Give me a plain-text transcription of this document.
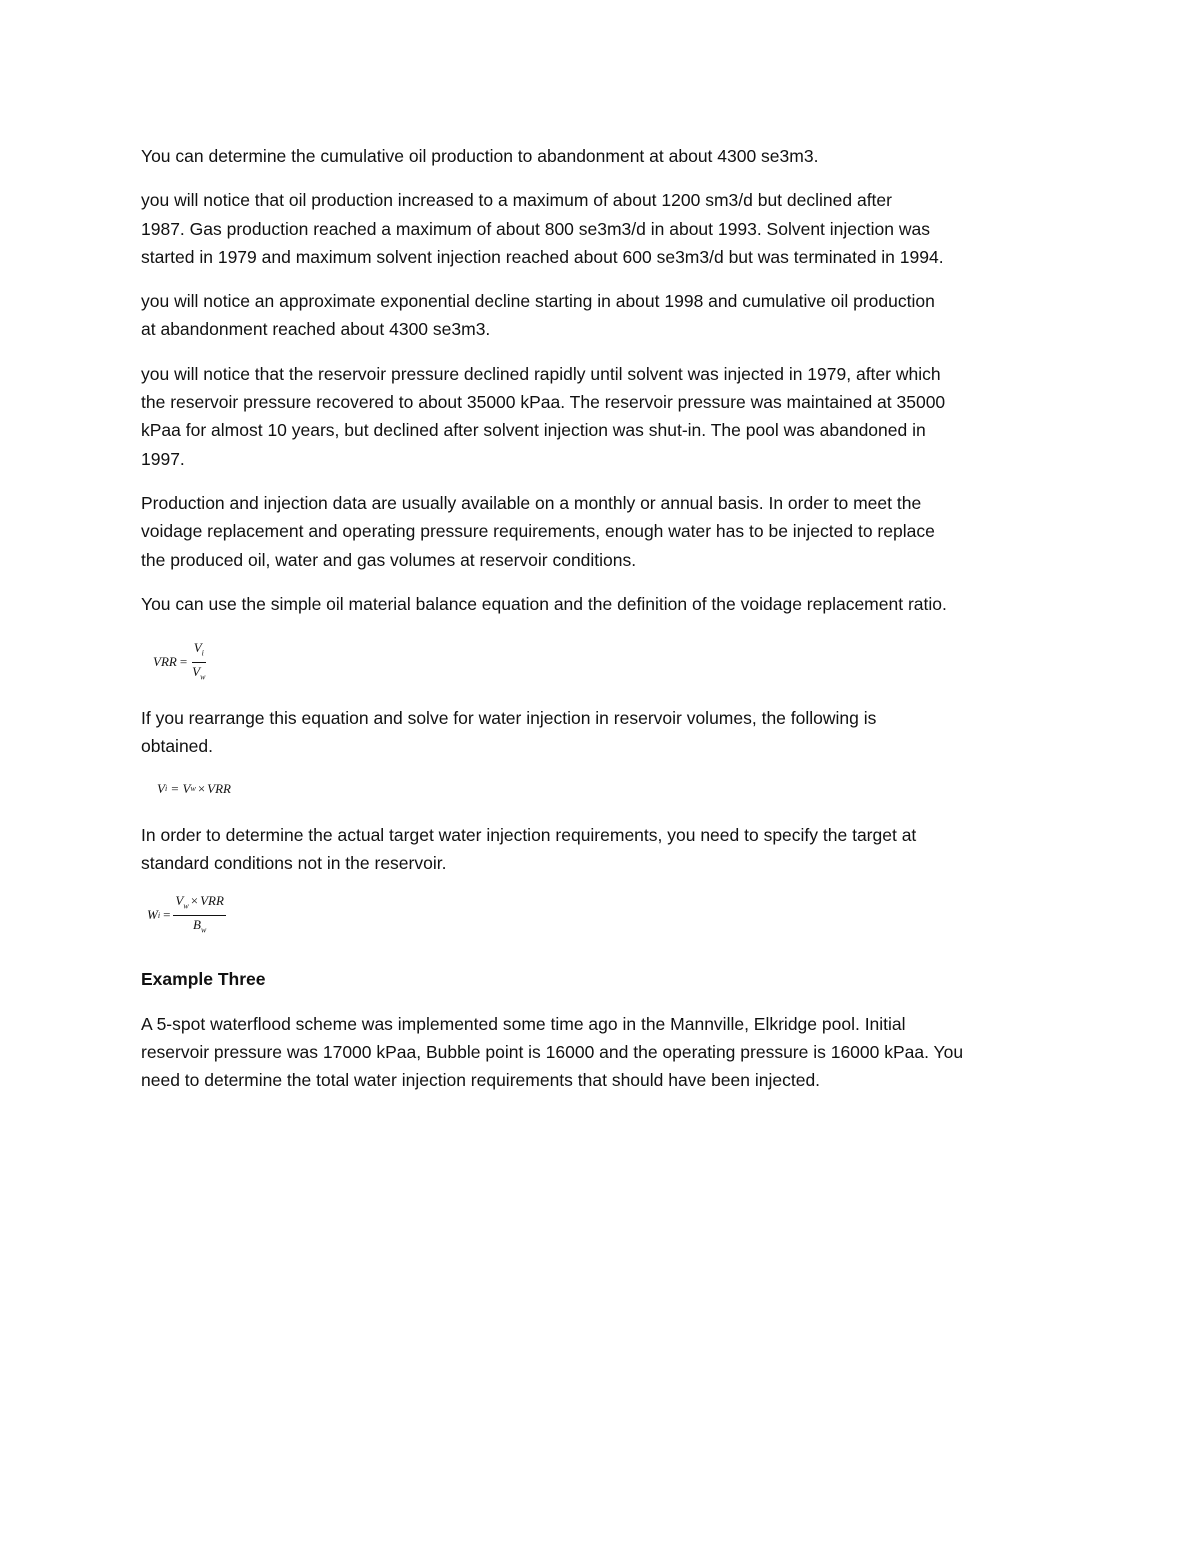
You can determine the cumulative oil production to abandonment at about 4300 se3m3.

you will notice that oil production increased to a maximum of about 1200 sm3/d but declined after
1987. Gas production reached a maximum of about 800 se3m3/d in about 1993. Solvent injection was
started in 1979 and maximum solvent injection reached about 600 se3m3/d but was terminated in 1994.

you will notice an approximate exponential decline starting in about 1998 and cumulative oil production
at abandonment reached about 4300 se3m3.

you will notice that the reservoir pressure declined rapidly until solvent was injected in 1979, after which
the reservoir pressure recovered to about 35000 kPaa. The reservoir pressure was maintained at 35000
kPaa for almost 10 years, but declined after solvent injection was shut-in. The pool was abandoned in
1997.

Production and injection data are usually available on a monthly or annual basis. In order to meet the
voidage replacement and operating pressure requirements, enough water has to be injected to replace
the produced oil, water and gas volumes at reservoir conditions.

You can use the simple oil material balance equation and the definition of the voidage replacement ratio.

VRR = $\frac{V_i}{V_w}$

If you rearrange this equation and solve for water injection in reservoir volumes, the following is
obtained.

V i = V w × VRR

In order to determine the actual target water injection requirements, you need to specify the target at
standard conditions not in the reservoir.

W $i = \frac{V_w \times VRR}{B_w}$

Example Three

A 5-spot waterflood scheme was implemented some time ago in the Mannville, Elkridge pool. Initial
reservoir pressure was 17000 kPaa, Bubble point is 16000 and the operating pressure is 16000 kPaa. You
need to determine the total water injection requirements that should have been injected.
